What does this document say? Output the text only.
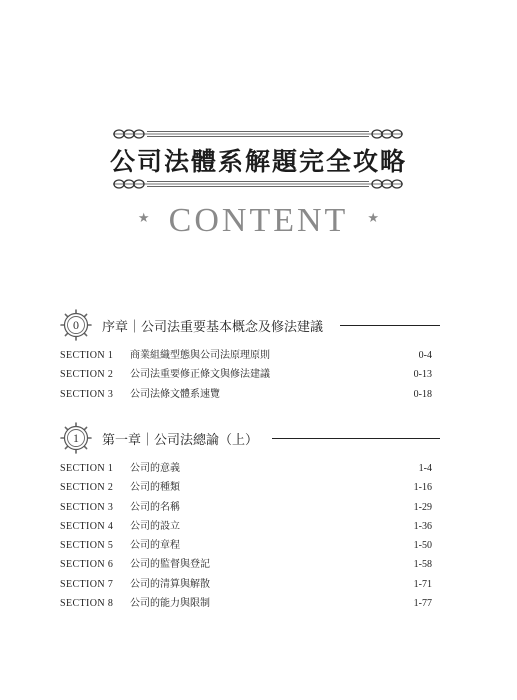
公司法體系解題完全攻略
★ CONTENT ★
0	序章｜公司法重要基本概念及修法建議
SECTION 1 商業組織型態與公司法原理原則	0-4
SECTION 2 公司法重要修正條文與修法建議	0-13
SECTION 3 公司法條文體系速覽	0-18
1	第一章｜公司法總論（上）
SECTION 1 公司的意義	1-4
SECTION 2 公司的種類	1-16
SECTION 3 公司的名稱	1-29
SECTION 4 公司的設立	1-36
SECTION 5 公司的章程	1-50
SECTION 6 公司的監督與登記	1-58
SECTION 7 公司的清算與解散	1-71
SECTION 8 公司的能力與限制	1-77
